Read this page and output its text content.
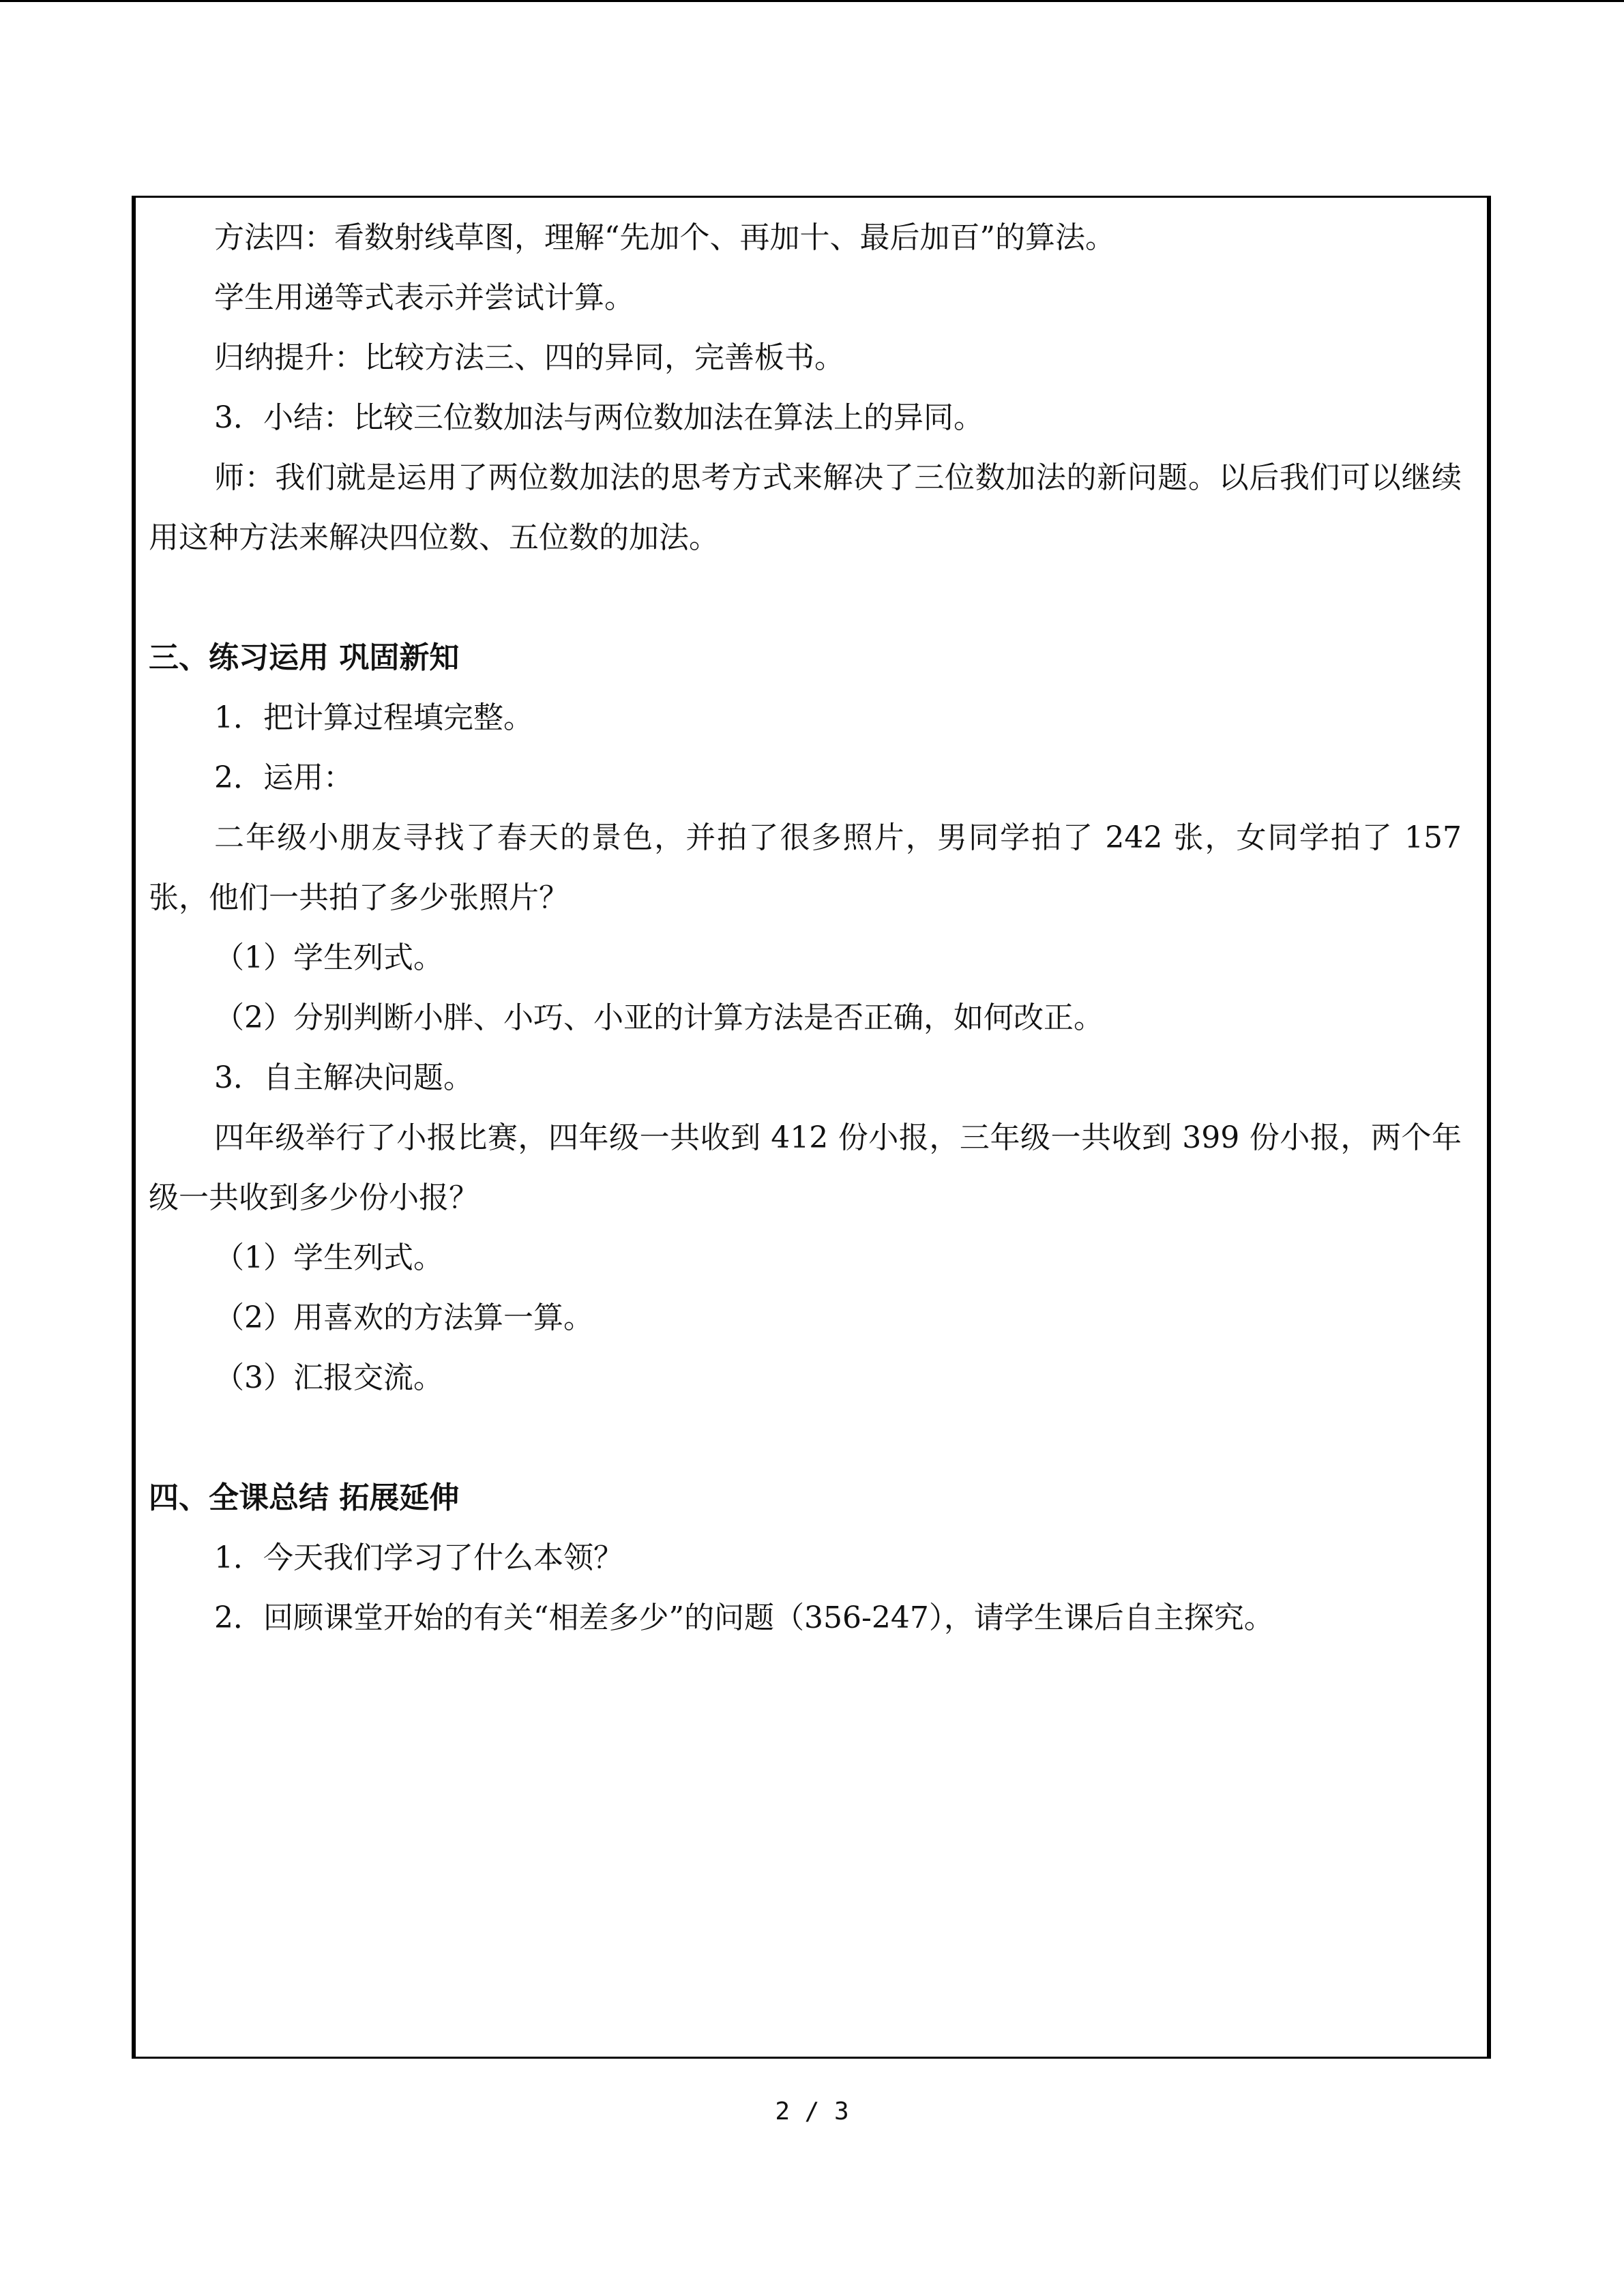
方法四：看数射线草图，理解“先加个、再加十、最后加百”的算法。

学生用递等式表示并尝试计算。

归纳提升：比较方法三、四的异同，完善板书。

3．小结：比较三位数加法与两位数加法在算法上的异同。

师：我们就是运用了两位数加法的思考方式来解决了三位数加法的新问题。以后我们可以继续用这种方法来解决四位数、五位数的加法。

三、练习运用 巩固新知

1．把计算过程填完整。

2．运用：

二年级小朋友寻找了春天的景色，并拍了很多照片，男同学拍了 242 张，女同学拍了 157 张，他们一共拍了多少张照片？

（1）学生列式。

（2）分别判断小胖、小巧、小亚的计算方法是否正确，如何改正。

3．自主解决问题。

四年级举行了小报比赛，四年级一共收到 412 份小报，三年级一共收到 399 份小报，两个年级一共收到多少份小报？

（1）学生列式。

（2）用喜欢的方法算一算。

（3）汇报交流。

四、全课总结 拓展延伸

1．今天我们学习了什么本领？

2．回顾课堂开始的有关“相差多少”的问题（356-247），请学生课后自主探究。

2 / 3
